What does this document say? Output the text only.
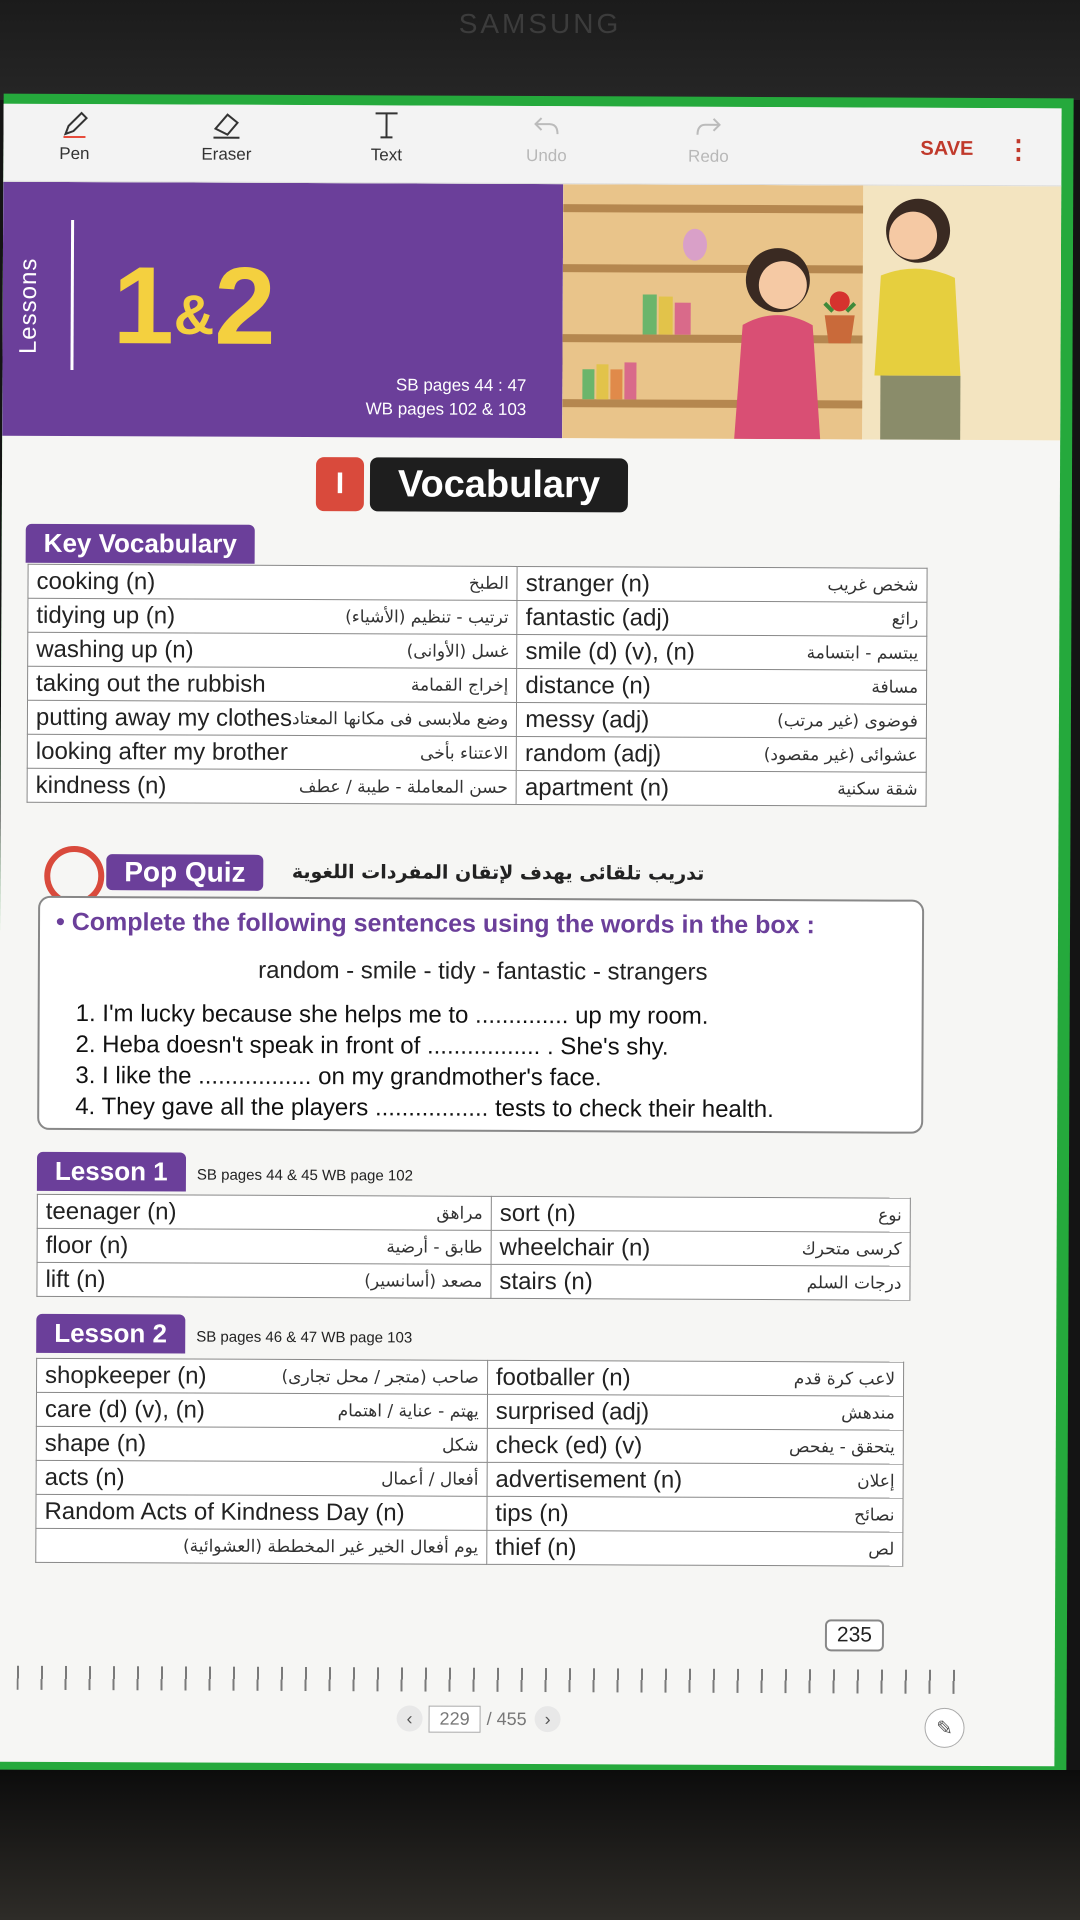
SAMSUNG
Pen	Eraser	Text	Undo	Redo	SAVE ⋮
Lessons 1&2
SB pages 44 : 47
WB pages 102 & 103
I Vocabulary
Key Vocabulary
cooking (n) الطبخ	stranger (n) شخص غريب

tidying up (n) ترتيب - تنظيم (الأشياء)	fantastic (adj) رائع

washing up (n) غسل (الأوانى)	smile (d) (v), (n) يبتسم - ابتسامة

taking out the rubbish إخراج القمامة	distance (n) مسافة

putting away my clothes وضع ملابسى فى مكانها المعتاد	messy (adj) فوضوى (غير مرتب)

looking after my brother الاعتناء بأخى	random (adj) عشوائى (غير مقصود)

kindness (n) حسن المعاملة - طيبة / عطف	apartment (n) شقة سكنية
Pop Quiz	تدريب تلقائى يهدف لإتقان المفردات اللغوية
• Complete the following sentences using the words in the box :
random - smile - tidy - fantastic - strangers
1. I'm lucky because she helps me to .............. up my room.
2. Heba doesn't speak in front of ................. . She's shy.
3. I like the ................. on my grandmother's face.
4. They gave all the players ................. tests to check their health.
Lesson 1	SB pages 44 & 45 WB page 102
teenager (n) مراهق	sort (n) نوع

floor (n) طابق - أرضية	wheelchair (n) كرسى متحرك

lift (n) مصعد (أسانسير)	stairs (n) درجات السلم
Lesson 2	SB pages 46 & 47 WB page 103
shopkeeper (n) صاحب (متجر / محل تجارى)	footballer (n) لاعب كرة قدم

care (d) (v), (n) يهتم - عناية / اهتمام	surprised (adj) مندهش

shape (n) شكل	check (ed) (v) يتحقق - يفحص

acts (n) أفعال / أعمال	advertisement (n) إعلان

Random Acts of Kindness Day (n)	tips (n) نصائح

يوم أفعال الخير غير المخططة (العشوائية)	thief (n) لص
235
‹	229 / 455 ›	✎
